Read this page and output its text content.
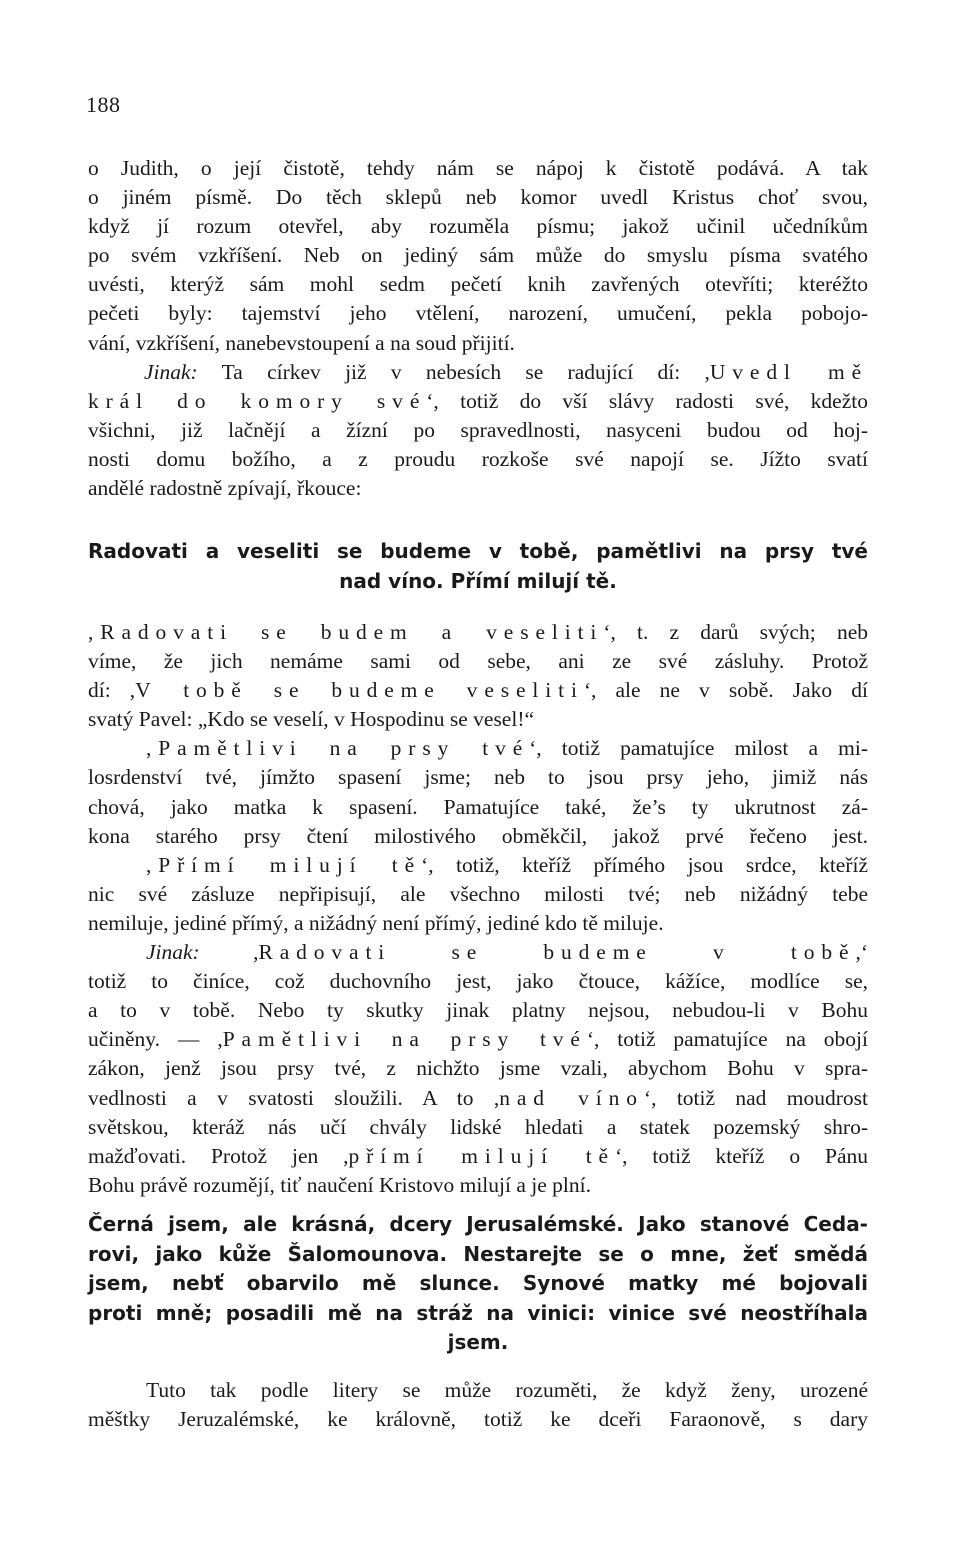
188
o Judith, o její čistotě, tehdy nám se nápoj k čistotě podává. A tak
o jiném písmě. Do těch sklepů neb komor uvedl Kristus choť svou,
když jí rozum otevřel, aby rozuměla písmu; jakož učinil učedníkům
po svém vzkříšení. Neb on jediný sám může do smyslu písma svatého
uvésti, kterýž sám mohl sedm pečetí knih zavřených otevříti; kteréžto
pečeti byly: tajemství jeho vtělení, narození, umučení, pekla pobojo-
vání, vzkříšení, nanebevstoupení a na soud přijití.
Jinak: Ta církev již v nebesích se radující dí: ,Uvedl mě
král do komory své‘, totiž do vší slávy radosti své, kdežto
všichni, již lačnějí a žízní po spravedlnosti, nasyceni budou od hoj-
nosti domu božího, a z proudu rozkoše své napojí se. Jížto svatí
andělé radostně zpívají, řkouce:
Radovati a veseliti se budeme v tobě, pamětlivi na prsy tvé
nad víno. Přímí milují tě.
,Radovati se budem a veseliti‘, t. z darů svých; neb
víme, že jich nemáme sami od sebe, ani ze své zásluhy. Protož
dí: ,V tobě se budeme veseliti‘, ale ne v sobě. Jako dí
svatý Pavel: „Kdo se veselí, v Hospodinu se vesel!“
,Pamětlivi na prsy tvé‘, totiž pamatujíce milost a mi-
losrdenství tvé, jímžto spasení jsme; neb to jsou prsy jeho, jimiž nás
chová, jako matka k spasení. Pamatujíce také, že’s ty ukrutnost zá-
kona starého prsy čtení milostivého obměkčil, jakož prvé řečeno jest.
,Přímí milují tě‘, totiž, kteříž přímého jsou srdce, kteříž
nic své zásluze nepřipisují, ale všechno milosti tvé; neb nižádný tebe
nemiluje, jediné přímý, a nižádný není přímý, jediné kdo tě miluje.
Jinak: ,Radovati se budeme v tobě,‘
totiž to činíce, což duchovního jest, jako čtouce, kážíce, modlíce se,
a to v tobě. Nebo ty skutky jinak platny nejsou, nebudou-li v Bohu
učiněny. — ,Pamětlivi na prsy tvé‘, totiž pamatujíce na obojí
zákon, jenž jsou prsy tvé, z nichžto jsme vzali, abychom Bohu v spra-
vedlnosti a v svatosti sloužili. A to ,nad víno‘, totiž nad moudrost
světskou, kteráž nás učí chvály lidské hledati a statek pozemský shro-
mažďovati. Protož jen ,přímí milují tě‘, totiž kteříž o Pánu
Bohu právě rozumějí, tiť naučení Kristovo milují a je plní.
Černá jsem, ale krásná, dcery Jerusalémské. Jako stanové Ceda-
rovi, jako kůže Šalomounova. Nestarejte se o mne, žeť smědá
jsem, nebť obarvilo mě slunce. Synové matky mé bojovali
proti mně; posadili mě na stráž na vinici: vinice své neostříhala
jsem.
Tuto tak podle litery se může rozuměti, že když ženy, urozené
měštky Jeruzalémské, ke královně, totiž ke dceři Faraonově, s dary
